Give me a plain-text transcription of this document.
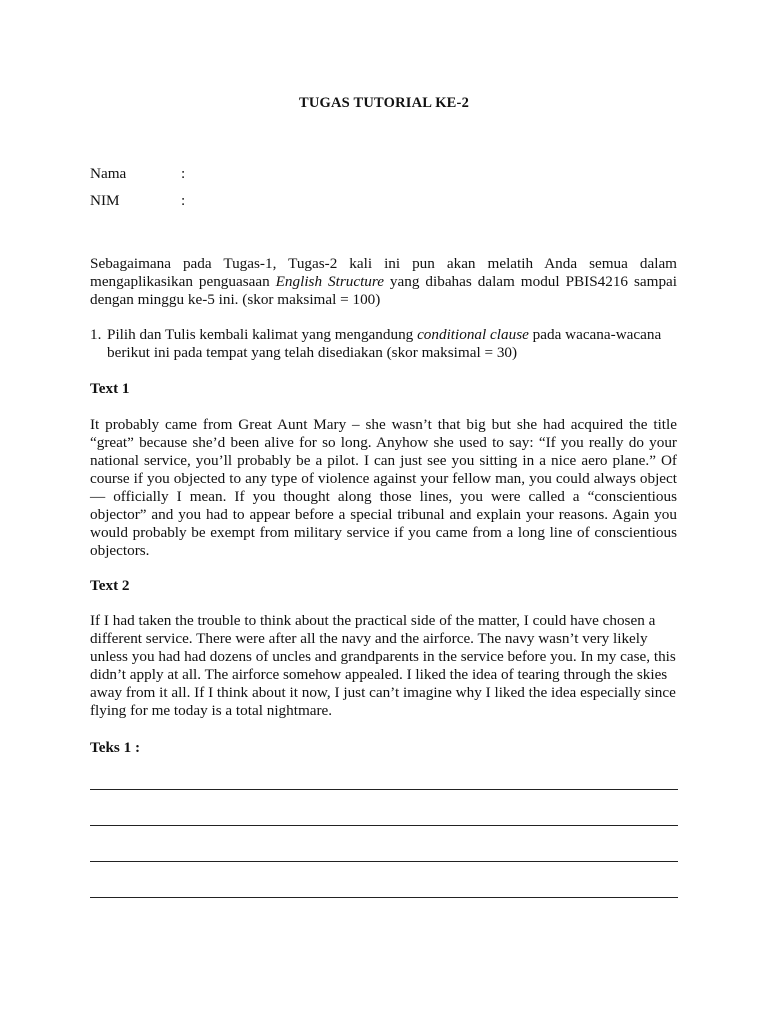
TUGAS TUTORIAL KE-2
Nama	:
NIM	:
Sebagaimana pada Tugas-1, Tugas-2 kali ini pun akan melatih Anda semua dalam mengaplikasikan penguasaan English Structure yang dibahas dalam modul PBIS4216 sampai dengan minggu ke-5 ini. (skor maksimal = 100)
1. Pilih dan Tulis kembali kalimat yang mengandung conditional clause pada wacana-wacana berikut ini pada tempat yang telah disediakan (skor maksimal = 30)
Text 1
It probably came from Great Aunt Mary – she wasn’t that big but she had acquired the title “great” because she’d been alive for so long. Anyhow she used to say: “If you really do your national service, you’ll probably be a pilot. I can just see you sitting in a nice aero plane.” Of course if you objected to any type of violence against your fellow man, you could always object — officially I mean. If you thought along those lines, you were called a “conscientious objector” and you had to appear before a special tribunal and explain your reasons. Again you would probably be exempt from military service if you came from a long line of conscientious objectors.
Text 2
If I had taken the trouble to think about the practical side of the matter, I could have chosen a different service. There were after all the navy and the airforce. The navy wasn’t very likely unless you had had dozens of uncles and grandparents in the service before you. In my case, this didn’t apply at all. The airforce somehow appealed. I liked the idea of tearing through the skies away from it all. If I think about it now, I just can’t imagine why I liked the idea especially since flying for me today is a total nightmare.
Teks 1 :
